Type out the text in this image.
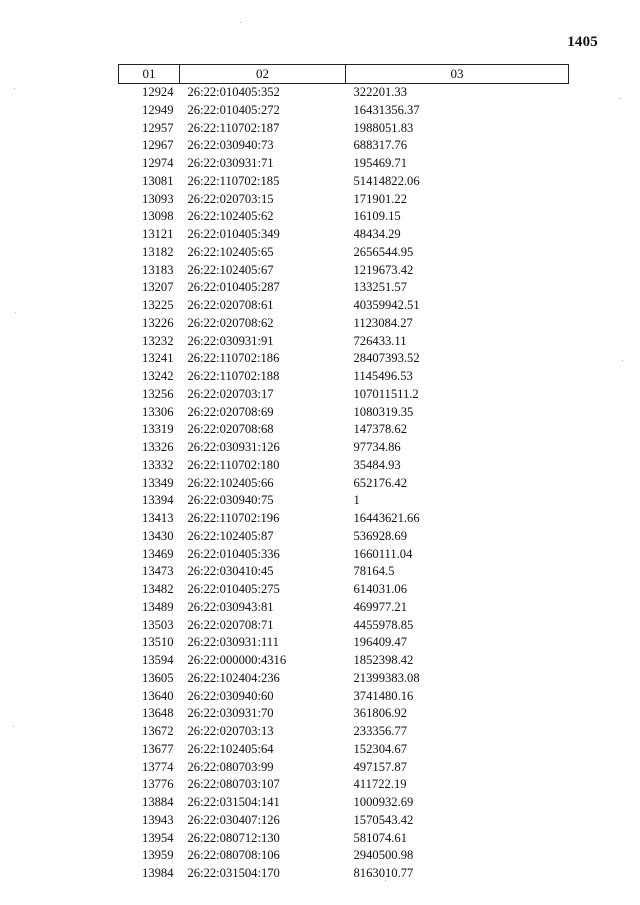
1405
01	02	03
12924	26:22:010405:352	322201.33
12949	26:22:010405:272	16431356.37
12957	26:22:110702:187	1988051.83
12967	26:22:030940:73	688317.76
12974	26:22:030931:71	195469.71
13081	26:22:110702:185	51414822.06
13093	26:22:020703:15	171901.22
13098	26:22:102405:62	16109.15
13121	26:22:010405:349	48434.29
13182	26:22:102405:65	2656544.95
13183	26:22:102405:67	1219673.42
13207	26:22:010405:287	133251.57
13225	26:22:020708:61	40359942.51
13226	26:22:020708:62	1123084.27
13232	26:22:030931:91	726433.11
13241	26:22:110702:186	28407393.52
13242	26:22:110702:188	1145496.53
13256	26:22:020703:17	107011511.2
13306	26:22:020708:69	1080319.35
13319	26:22:020708:68	147378.62
13326	26:22:030931:126	97734.86
13332	26:22:110702:180	35484.93
13349	26:22:102405:66	652176.42
13394	26:22:030940:75	1
13413	26:22:110702:196	16443621.66
13430	26:22:102405:87	536928.69
13469	26:22:010405:336	1660111.04
13473	26:22:030410:45	78164.5
13482	26:22:010405:275	614031.06
13489	26:22:030943:81	469977.21
13503	26:22:020708:71	4455978.85
13510	26:22:030931:111	196409.47
13594	26:22:000000:4316	1852398.42
13605	26:22:102404:236	21399383.08
13640	26:22:030940:60	3741480.16
13648	26:22:030931:70	361806.92
13672	26:22:020703:13	233356.77
13677	26:22:102405:64	152304.67
13774	26:22:080703:99	497157.87
13776	26:22:080703:107	411722.19
13884	26:22:031504:141	1000932.69
13943	26:22:030407:126	1570543.42
13954	26:22:080712:130	581074.61
13959	26:22:080708:106	2940500.98
13984	26:22:031504:170	8163010.77
